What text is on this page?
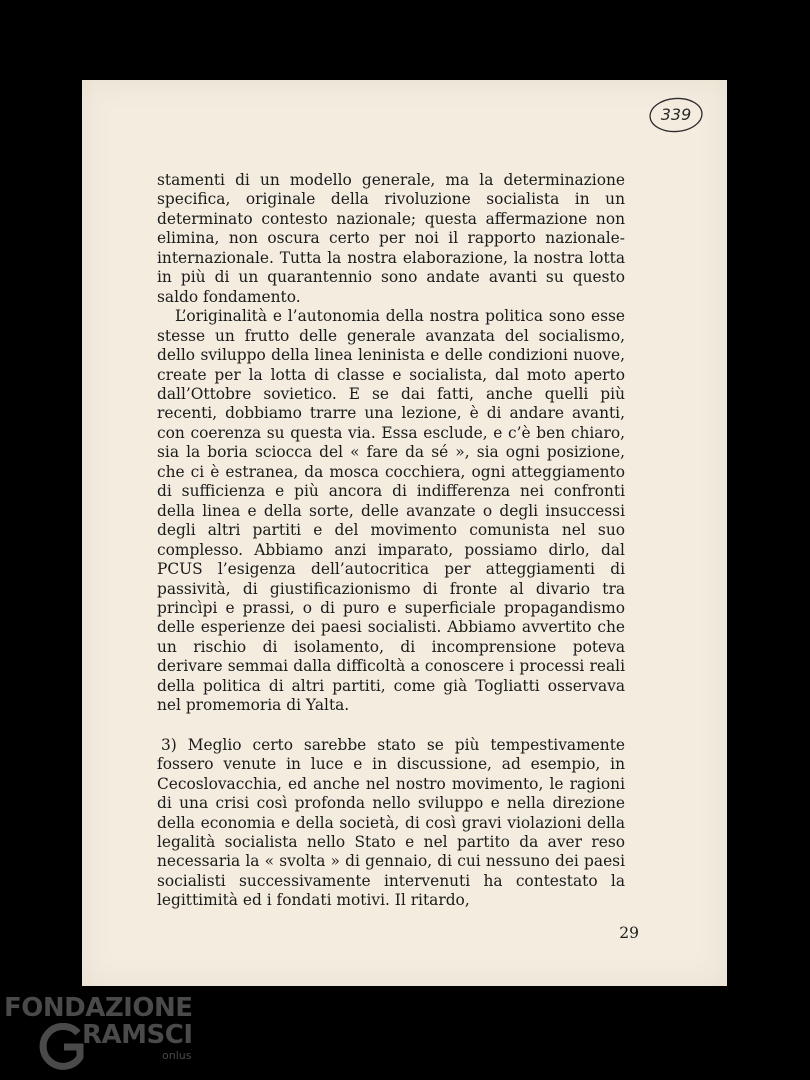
339

stamenti di un modello generale, ma la determinazione specifica, originale della rivoluzione socialista in un determinato contesto nazionale; questa affermazione non elimina, non oscura certo per noi il rapporto nazionale-internazionale. Tutta la nostra elaborazione, la nostra lotta in più di un quarantennio sono andate avanti su questo saldo fondamento.

L’originalità e l’autonomia della nostra politica sono esse stesse un frutto delle generale avanzata del socialismo, dello sviluppo della linea leninista e delle condizioni nuove, create per la lotta di classe e socialista, dal moto aperto dall’Ottobre sovietico. E se dai fatti, anche quelli più recenti, dobbiamo trarre una lezione, è di andare avanti, con coerenza su questa via. Essa esclude, e c’è ben chiaro, sia la boria sciocca del « fare da sé », sia ogni posizione, che ci è estranea, da mosca cocchiera, ogni atteggiamento di sufficienza e più ancora di indifferenza nei confronti della linea e della sorte, delle avanzate o degli insuccessi degli altri partiti e del movimento comunista nel suo complesso. Abbiamo anzi imparato, possiamo dirlo, dal PCUS l’esigenza dell’autocritica per atteggiamenti di passività, di giustificazionismo di fronte al divario tra princìpi e prassi, o di puro e superficiale propagandismo delle esperienze dei paesi socialisti. Abbiamo avvertito che un rischio di isolamento, di incomprensione poteva derivare semmai dalla difficoltà a conoscere i processi reali della politica di altri partiti, come già Togliatti osservava nel promemoria di Yalta.

3) Meglio certo sarebbe stato se più tempestivamente fossero venute in luce e in discussione, ad esempio, in Cecoslovacchia, ed anche nel nostro movimento, le ragioni di una crisi così profonda nello sviluppo e nella direzione della economia e della società, di così gravi violazioni della legalità socialista nello Stato e nel partito da aver reso necessaria la « svolta » di gennaio, di cui nessuno dei paesi socialisti successivamente intervenuti ha contestato la legittimità ed i fondati motivi. Il ritardo,

29
FONDAZIONE
RAMSCI
onlus
